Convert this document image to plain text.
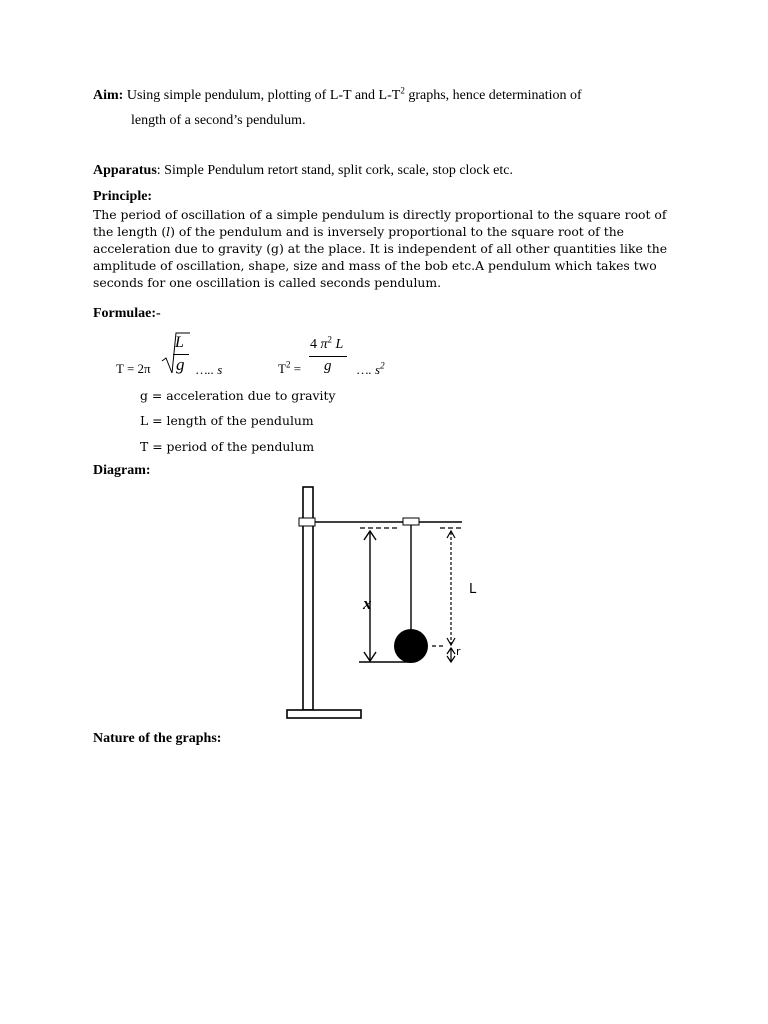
Aim: Using simple pendulum, plotting of L-T and $L-T^2$ graphs, hence determination of
length of a second’s pendulum.
Apparatus: Simple Pendulum retort stand, split cork, scale, stop clock etc.
Principle:
The period of oscillation of a simple pendulum is directly proportional to the square root of the length (l) of the pendulum and is inversely proportional to the square root of the acceleration due to gravity (g) at the place. It is independent of all other quantities like the amplitude of oscillation, shape, size and mass of the bob etc.A pendulum which takes two seconds for one oscillation is called seconds pendulum.
Formulae:-
T = 2π
L
g ….. s	$T^2$ =
4 $\pi^2$ L
g …. $s^2$
g = acceleration due to gravity
L = length of the pendulum
T = period of the pendulum
Diagram:
L
x
r
Nature of the graphs:
